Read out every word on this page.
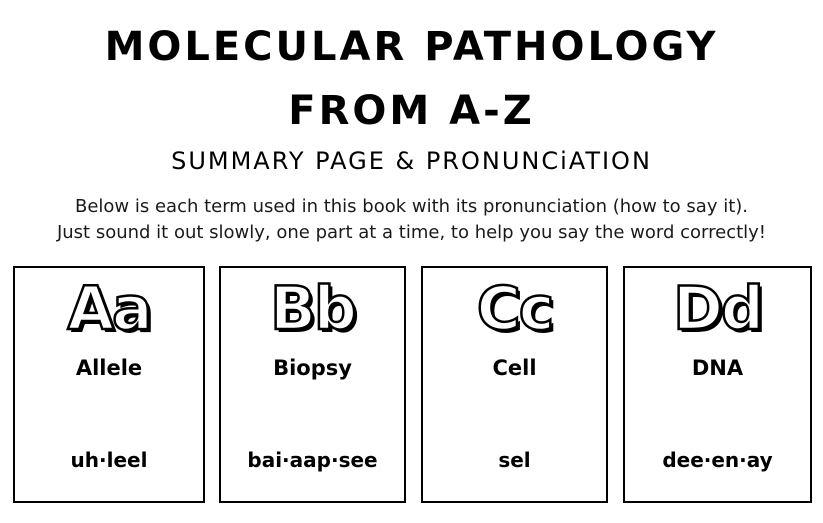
MOLECULAR PATHOLOGY
FROM A-Z
SUMMARY PAGE & PRONUNCiATION
Below is each term used in this book with its pronunciation (how to say it).
Just sound it out slowly, one part at a time, to help you say the word correctly!
Aa
Allele
uh·leel
Bb
Biopsy
bai·aap·see
Cc
Cell
sel
Dd
DNA
dee·en·ay
